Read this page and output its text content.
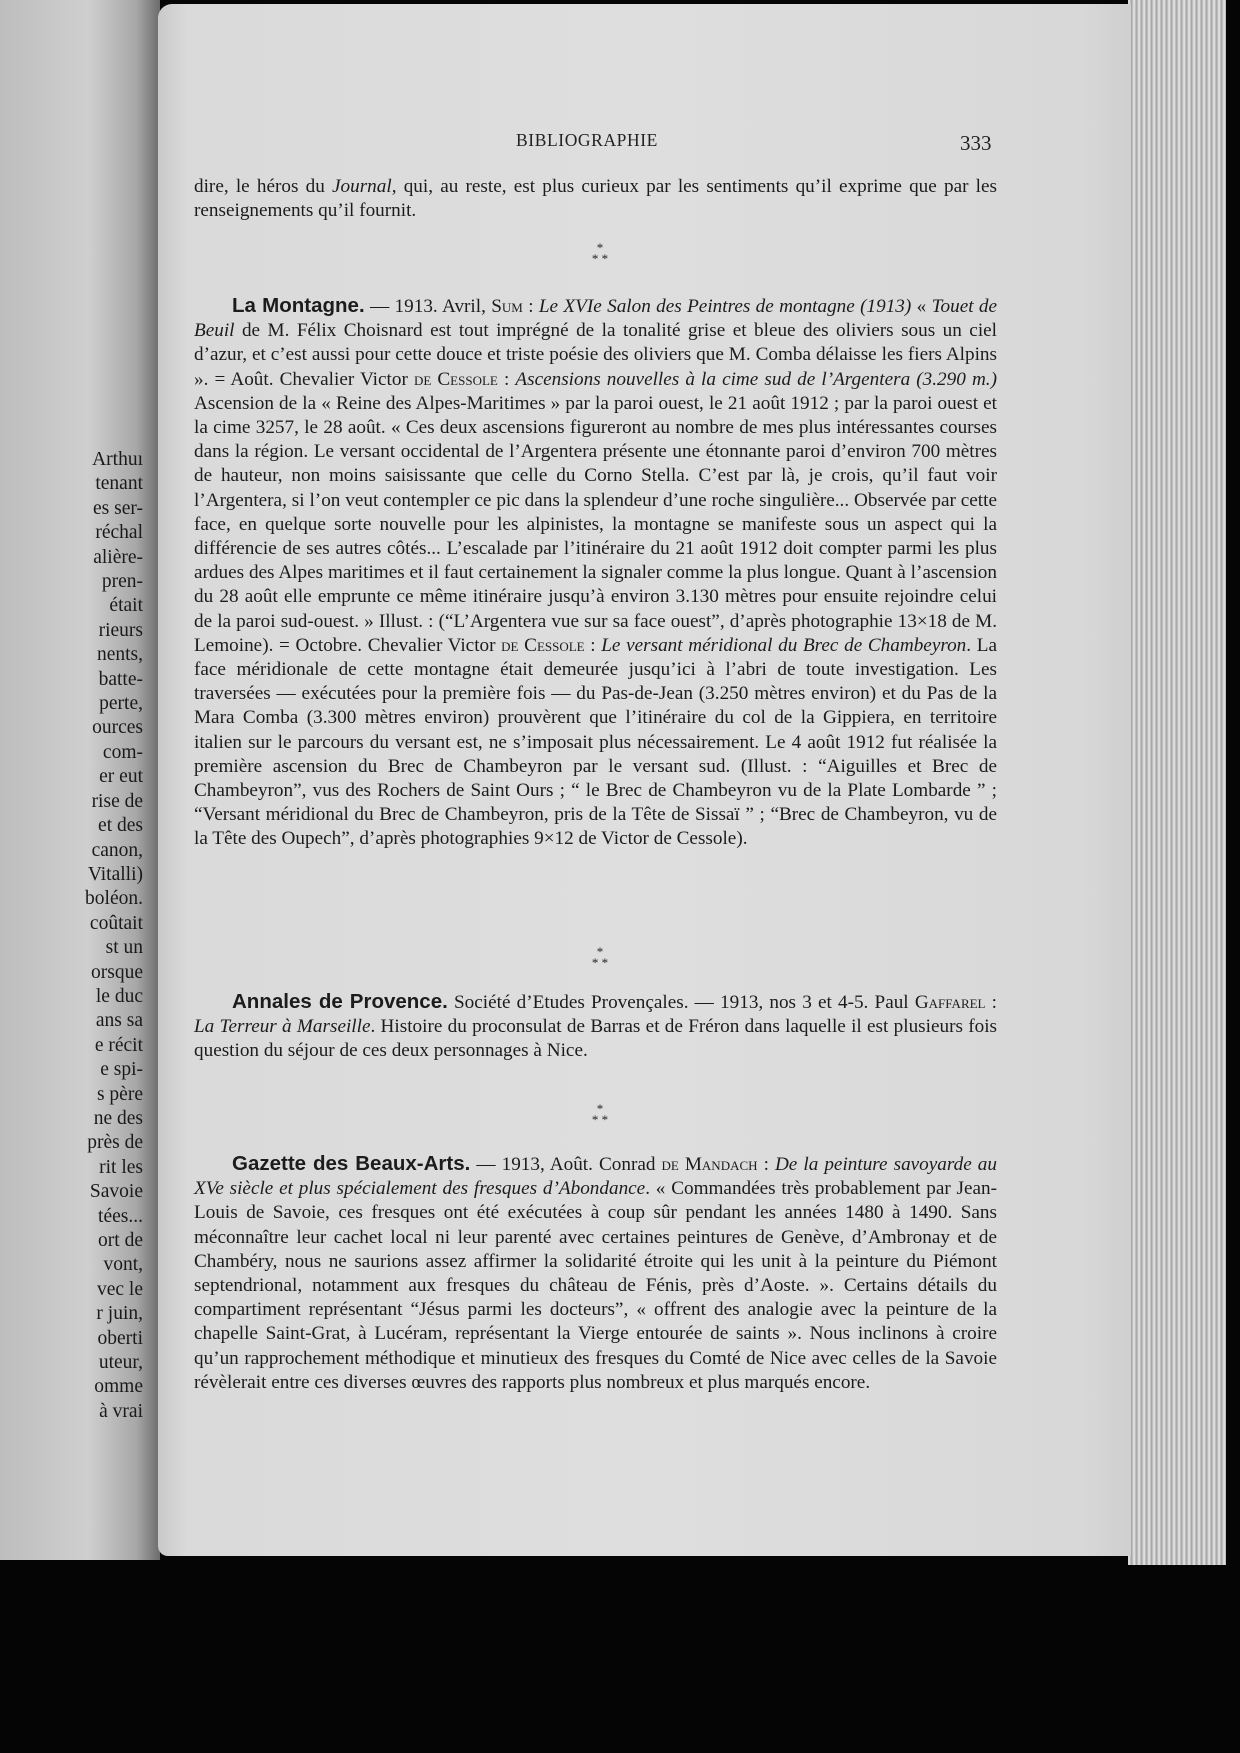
Arthuı
tenant
es ser-
réchal
alière-
pren-
était
rieurs
nents,
batte-
perte,
ources
com-
er eut
rise de
et des
canon,
Vitalli)
boléon.
coûtait
st un
orsque
le duc
ans sa
e récit
e spi-
s père
ne des
près de
rit les
Savoie
tées...
ort de
vont,
vec le
r juin,
oberti
uteur,
omme
à vrai
BIBLIOGRAPHIE	333

dire, le héros du Journal, qui, au reste, est plus curieux par les sentiments qu’il exprime que par les renseignements qu’il fournit.

*
* *

La Montagne. — 1913. Avril, Sum : Le XVIe Salon des Peintres de montagne (1913) « Touet de Beuil de M. Félix Choisnard est tout imprégné de la tonalité grise et bleue des oliviers sous un ciel d’azur, et c’est aussi pour cette douce et triste poésie des oliviers que M. Comba délaisse les fiers Alpins ». = Août. Chevalier Victor de Cessole : Ascensions nouvelles à la cime sud de l’Argentera (3.290 m.) Ascension de la « Reine des Alpes-Maritimes » par la paroi ouest, le 21 août 1912 ; par la paroi ouest et la cime 3257, le 28 août. « Ces deux ascensions figureront au nombre de mes plus intéressantes courses dans la région. Le versant occidental de l’Argentera présente une étonnante paroi d’environ 700 mètres de hauteur, non moins saisissante que celle du Corno Stella. C’est par là, je crois, qu’il faut voir l’Argentera, si l’on veut contempler ce pic dans la splendeur d’une roche singulière... Observée par cette face, en quelque sorte nouvelle pour les alpinistes, la montagne se manifeste sous un aspect qui la différencie de ses autres côtés... L’escalade par l’itinéraire du 21 août 1912 doit compter parmi les plus ardues des Alpes maritimes et il faut certainement la signaler comme la plus longue. Quant à l’ascension du 28 août elle emprunte ce même itinéraire jusqu’à environ 3.130 mètres pour ensuite rejoindre celui de la paroi sud-ouest. » Illust. : (“L’Argentera vue sur sa face ouest”, d’après photographie 13×18 de M. Lemoine). = Octobre. Chevalier Victor de Cessole : Le versant méridional du Brec de Chambeyron. La face méridionale de cette montagne était demeurée jusqu’ici à l’abri de toute investigation. Les traversées — exécutées pour la première fois — du Pas-de-Jean (3.250 mètres environ) et du Pas de la Mara Comba (3.300 mètres environ) prouvèrent que l’itinéraire du col de la Gippiera, en territoire italien sur le parcours du versant est, ne s’imposait plus nécessairement. Le 4 août 1912 fut réalisée la première ascension du Brec de Chambeyron par le versant sud. (Illust. : “Aiguilles et Brec de Chambeyron”, vus des Rochers de Saint Ours ; “ le Brec de Chambeyron vu de la Plate Lombarde ” ; “Versant méridional du Brec de Chambeyron, pris de la Tête de Sissaï ” ; “Brec de Chambeyron, vu de la Tête des Oupech”, d’après photographies 9×12 de Victor de Cessole).

*
* *

Annales de Provence. Société d’Etudes Provençales. — 1913, nos 3 et 4-5. Paul Gaffarel : La Terreur à Marseille. Histoire du proconsulat de Barras et de Fréron dans laquelle il est plusieurs fois question du séjour de ces deux personnages à Nice.

*
* *

Gazette des Beaux-Arts. — 1913, Août. Conrad de Mandach : De la peinture savoyarde au XVe siècle et plus spécialement des fresques d’Abondance. « Commandées très probablement par Jean-Louis de Savoie, ces fresques ont été exécutées à coup sûr pendant les années 1480 à 1490. Sans méconnaître leur cachet local ni leur parenté avec certaines peintures de Genève, d’Ambronay et de Chambéry, nous ne saurions assez affirmer la solidarité étroite qui les unit à la peinture du Piémont septendrional, notamment aux fresques du château de Fénis, près d’Aoste. ». Certains détails du compartiment représentant “Jésus parmi les docteurs”, « offrent des analogie avec la peinture de la chapelle Saint-Grat, à Lucéram, représentant la Vierge entourée de saints ». Nous inclinons à croire qu’un rapprochement méthodique et minutieux des fresques du Comté de Nice avec celles de la Savoie révèlerait entre ces diverses œuvres des rapports plus nombreux et plus marqués encore.
